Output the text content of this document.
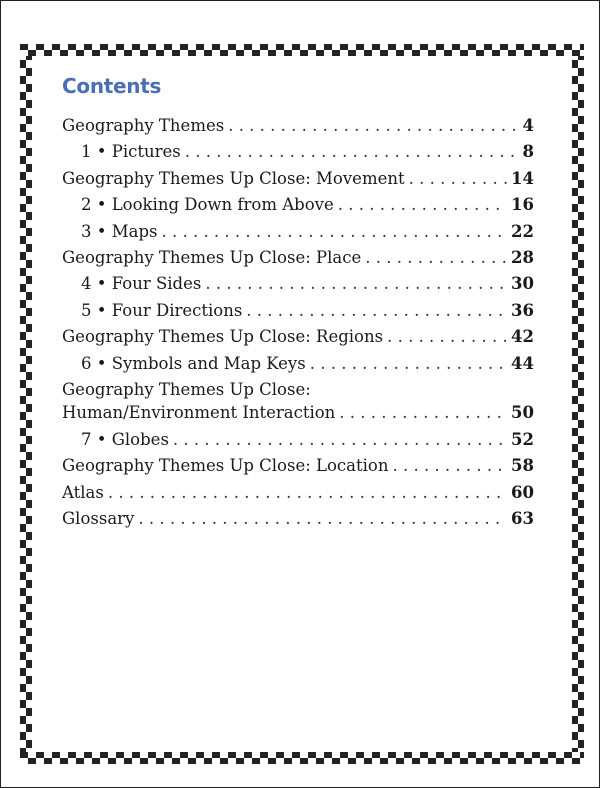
Contents
Geography Themes . . .	4
1 • Pictures . . .	8
Geography Themes Up Close: Movement . . .	14
2 • Looking Down from Above . . .	16
3 • Maps . . .	22
Geography Themes Up Close: Place . . .	28
4 • Four Sides . . .	30
5 • Four Directions . . .	36
Geography Themes Up Close: Regions . . .	42
6 • Symbols and Map Keys . . .	44
Geography Themes Up Close:
Human/Environment Interaction . . .	50
7 • Globes . . .	52
Geography Themes Up Close: Location . . .	58
Atlas . . .	60
Glossary . . .	63
